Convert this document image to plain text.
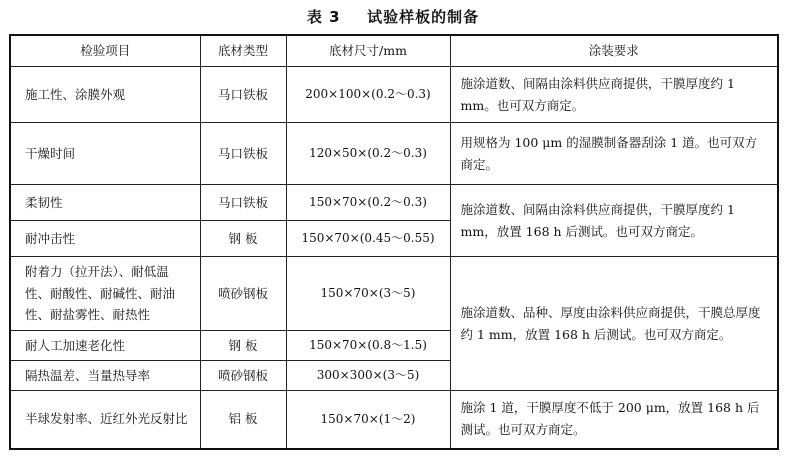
表 3 试验样板的制备
检验项目	底材类型	底材尺寸/mm	涂装要求
施工性、涂膜外观	马口铁板	200×100×(0.2～0.3)	施涂道数、间隔由涂料供应商提供，干膜厚度约 1 mm。也可双方商定。
干燥时间	马口铁板	120×50×(0.2～0.3)	用规格为 100 μm 的湿膜制备器刮涂 1 道。也可双方商定。
柔韧性	马口铁板	150×70×(0.2～0.3)	施涂道数、间隔由涂料供应商提供，干膜厚度约 1 mm，放置 168 h 后测试。也可双方商定。
耐冲击性	钢 板	150×70×(0.45～0.55)	
附着力（拉开法）、耐低温性、耐酸性、耐碱性、耐油性、耐盐雾性、耐热性	喷砂钢板	150×70×(3～5)	施涂道数、品种、厚度由涂料供应商提供，干膜总厚度约 1 mm，放置 168 h 后测试。也可双方商定。
耐人工加速老化性	钢 板	150×70×(0.8～1.5)	
隔热温差、当量热导率	喷砂钢板	300×300×(3～5)	
半球发射率、近红外光反射比	铝 板	150×70×(1～2)	施涂 1 道，干膜厚度不低于 200 μm，放置 168 h 后测试。也可双方商定。
